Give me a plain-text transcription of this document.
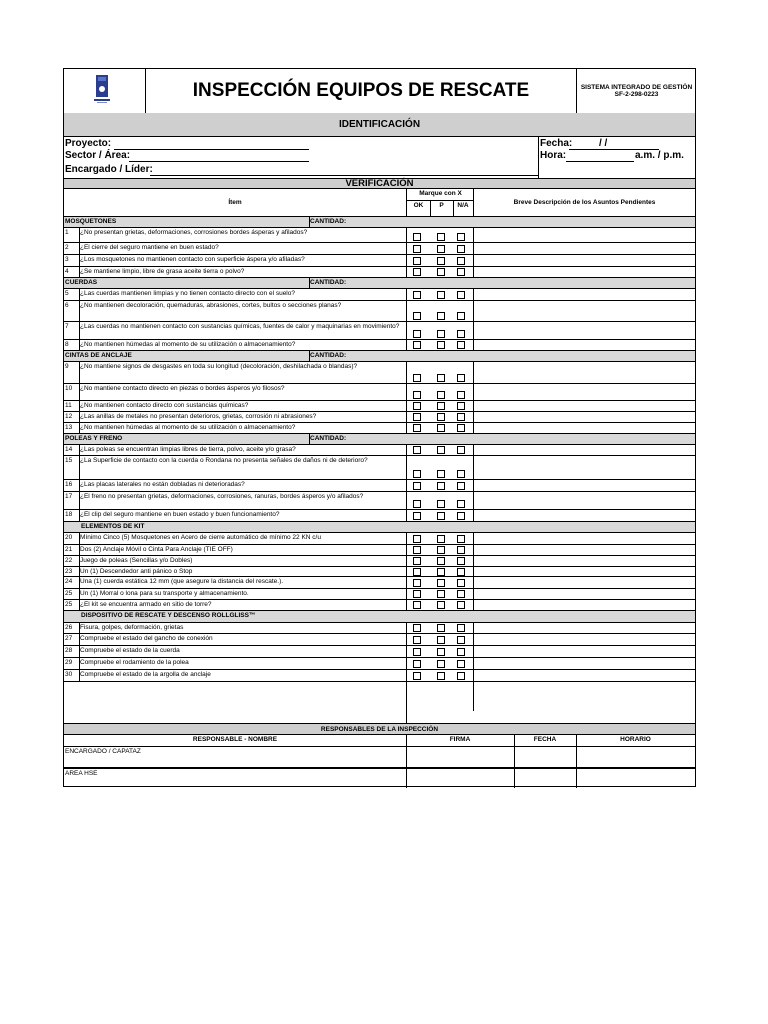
INSPECCIÓN EQUIPOS DE RESCATE	SISTEMA INTEGRADO DE GESTIÓN
SF-2-298-0223
IDENTIFICACIÓN
Proyecto:
Sector / Área:
Encargado / Líder:
Fecha:	/ /
Hora:	a.m. / p.m.
VERIFICACIÓN
Ítem
Marque con X
OK	P	N/A	Breve Descripción de los Asuntos Pendientes
MOSQUETONES	CANTIDAD:
1	¿No presentan grietas, deformaciones, corrosiones bordes ásperas y afilados?
2	¿El cierre del seguro mantiene en buen estado?
3	¿Los mosquetones no mantienen contacto con superficie áspera y/o afiladas?
4	¿Se mantiene limpio, libre de grasa aceite tierra o polvo?
CUERDAS	CANTIDAD:
5	¿Las cuerdas mantienen limpias y no tienen contacto directo con el suelo?
6	¿No mantienen decoloración, quemaduras, abrasiones, cortes, bultos o secciones planas?
7	¿Las cuerdas no mantienen contacto con sustancias químicas, fuentes de calor y maquinarias en movimiento?
8	¿No mantienen húmedas al momento de su utilización o almacenamiento?
CINTAS DE ANCLAJE	CANTIDAD:
9	¿No mantiene signos de desgastes en toda su longitud (decoloración, deshilachada o blandas)?
10	¿No mantiene contacto directo en piezas o bordes ásperos y/o filosos?
11	¿No mantienen contacto directo con sustancias químicas?
12	¿Las anillas de metales no presentan deterioros, grietas, corrosión ni abrasiones?
13	¿No mantienen húmedas al momento de su utilización o almacenamiento?
POLEAS Y FRENO	CANTIDAD:
14	¿Las poleas se encuentran limpias libres de tierra, polvo, aceite y/o grasa?
15	¿La Superficie de contacto con la cuerda o Rondana no presenta señales de daños ni de deterioro?
16	¿Las placas laterales no están dobladas ni deterioradas?
17	¿El freno no presentan grietas, deformaciones, corrosiones, ranuras, bordes ásperos y/o afilados?
18	¿El clip del seguro mantiene en buen estado y buen funcionamiento?
ELEMENTOS DE KIT
20	Mínimo Cinco (5) Mosquetones en Acero de cierre automático de mínimo 22 KN c/u
21	Dos (2) Anclaje Móvil o Cinta Para Anclaje (TIE OFF)
22	Juego de poleas (Sencillas y/o Dobles)
23	Un (1) Descendedor anti pánico o Stop
24	Una (1) cuerda estática 12 mm (que asegure la distancia del rescate.).
25	Un (1) Morral o lona para su transporte y almacenamiento.
25	¿El kit se encuentra armado en sitio de torre?
DISPOSITIVO DE RESCATE Y DESCENSO ROLLGLISS™
26	Fisura, golpes, deformación, grietas
27	Compruebe el estado del gancho de conexión
28	Compruebe el estado de la cuerda
29	Compruebe el rodamiento de la polea
30	Compruebe el estado de la argolla de anclaje
RESPONSABLES DE LA INSPECCIÓN
RESPONSABLE - NOMBRE	FIRMA	FECHA	HORARIO
ENCARGADO / CAPATAZ
AREA HSE
